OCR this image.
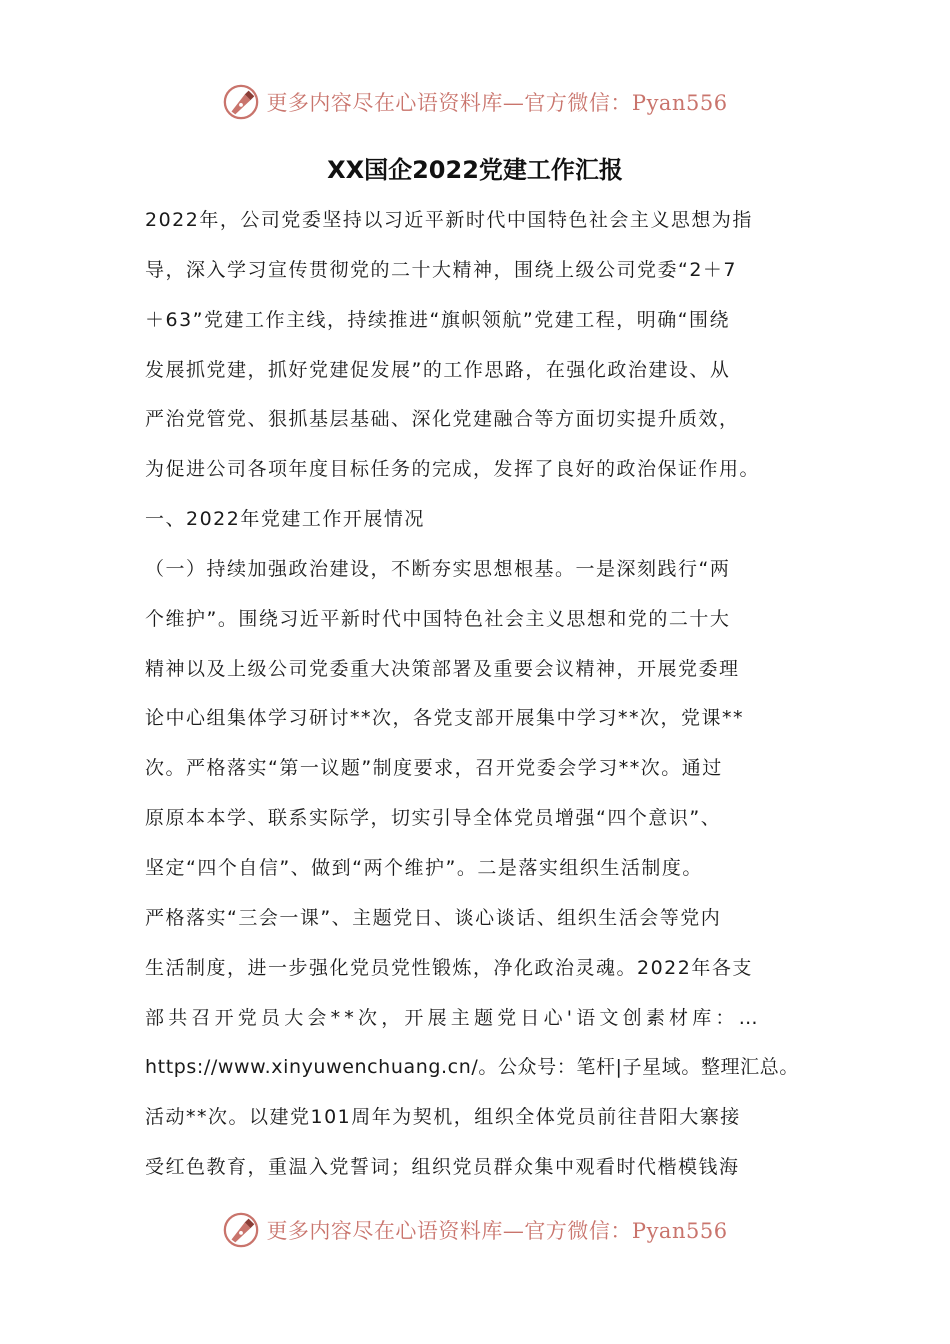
更多内容尽在心语资料库—官方微信：Pyan556
XX国企2022党建工作汇报
2022年，公司党委坚持以习近平新时代中国特色社会主义思想为指
导，深入学习宣传贯彻党的二十大精神，围绕上级公司党委“2＋7
＋63”党建工作主线，持续推进“旗帜领航”党建工程，明确“围绕
发展抓党建，抓好党建促发展”的工作思路，在强化政治建设、从
严治党管党、狠抓基层基础、深化党建融合等方面切实提升质效，
为促进公司各项年度目标任务的完成，发挥了良好的政治保证作用。
一、2022年党建工作开展情况
（一）持续加强政治建设，不断夯实思想根基。一是深刻践行“两
个维护”。围绕习近平新时代中国特色社会主义思想和党的二十大
精神以及上级公司党委重大决策部署及重要会议精神，开展党委理
论中心组集体学习研讨**次，各党支部开展集中学习**次，党课**
次。严格落实“第一议题”制度要求，召开党委会学习**次。通过
原原本本学、联系实际学，切实引导全体党员增强“四个意识”、
坚定“四个自信”、做到“两个维护”。二是落实组织生活制度。
严格落实“三会一课”、主题党日、谈心谈话、组织生活会等党内
生活制度，进一步强化党员党性锻炼，净化政治灵魂。2022年各支
部共召开党员大会**次，开展主题党日心'语文创素材库：…
https://www.xinyuwenchuang.cn/。公众号：笔杆|子星域。整理汇总。
活动**次。以建党101周年为契机，组织全体党员前往昔阳大寨接
受红色教育，重温入党誓词；组织党员群众集中观看时代楷模钱海
更多内容尽在心语资料库—官方微信：Pyan556
